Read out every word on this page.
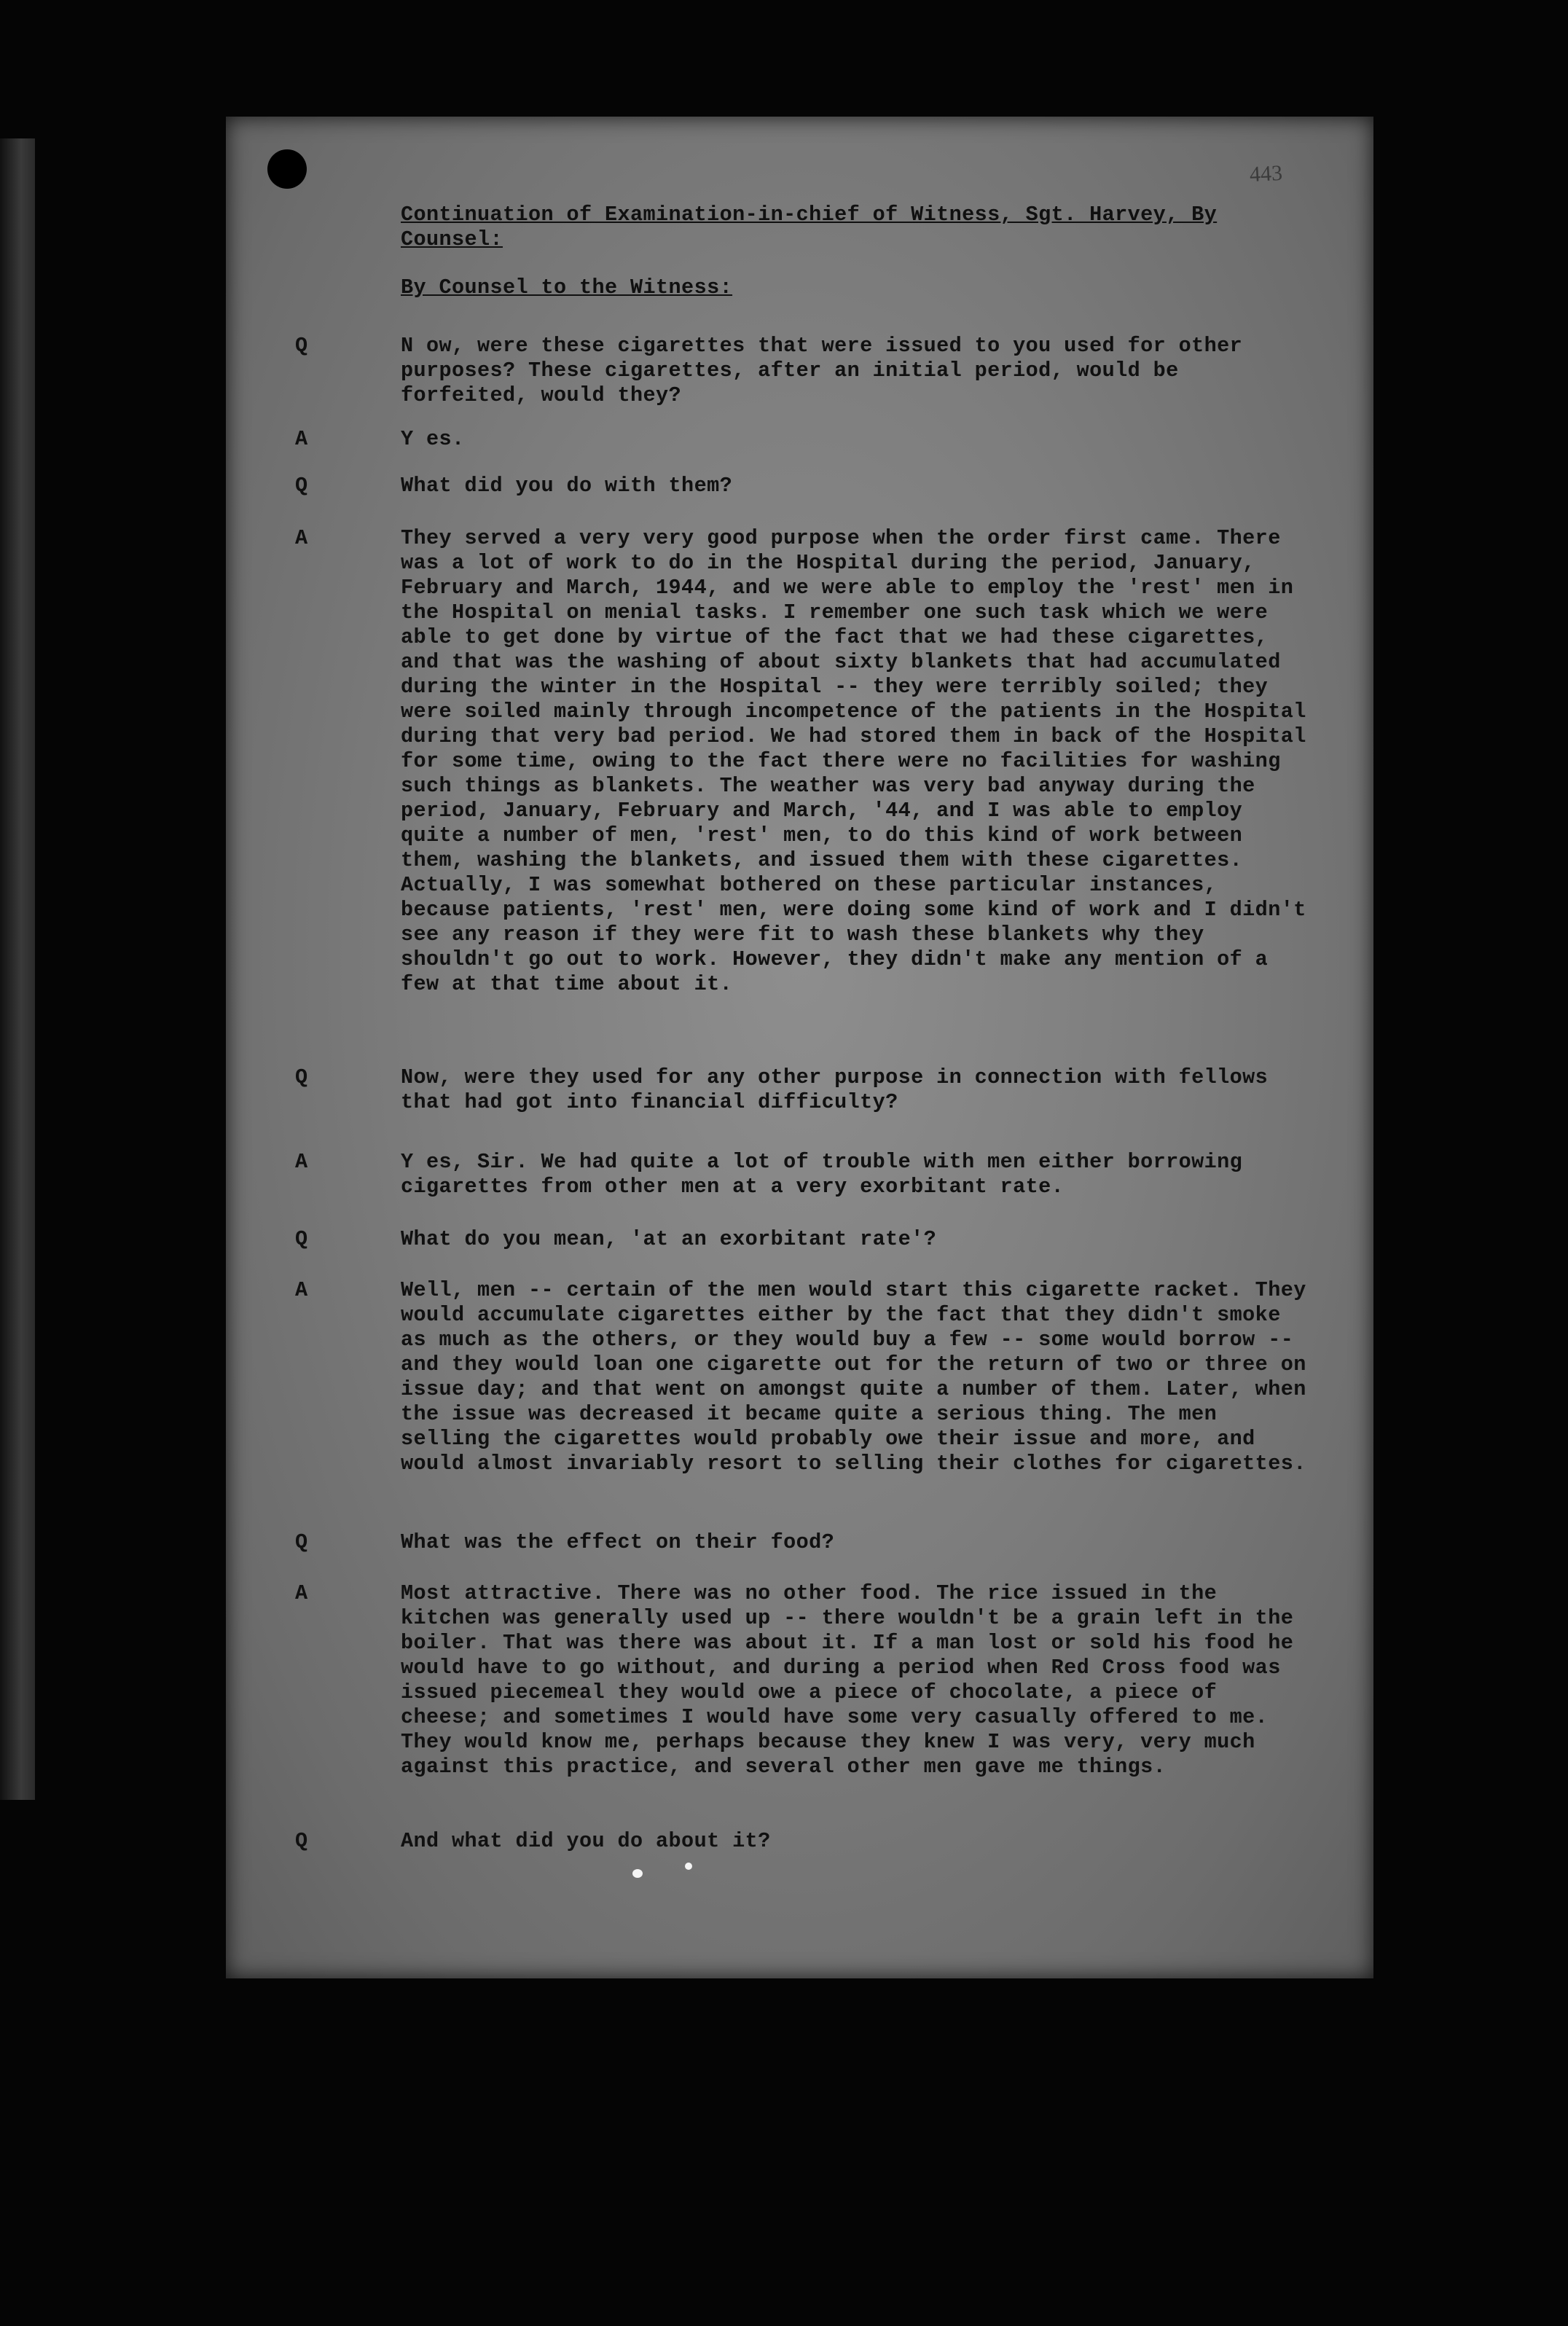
443
Continuation of Examination-in-chief of Witness, Sgt. Harvey, By Counsel:
By Counsel to the Witness:
Q	N ow, were these cigarettes that were issued to you used for other purposes? These cigarettes, after an initial period, would be forfeited, would they?
A	Y es.
Q	What did you do with them?
A	They served a very very good purpose when the order first came. There was a lot of work to do in the Hospital during the period, January, February and March, 1944, and we were able to employ the 'rest' men in the Hospital on menial tasks. I remember one such task which we were able to get done by virtue of the fact that we had these cigarettes, and that was the washing of about sixty blankets that had accumulated during the winter in the Hospital -- they were terribly soiled; they were soiled mainly through incompetence of the patients in the Hospital during that very bad period. We had stored them in back of the Hospital for some time, owing to the fact there were no facilities for washing such things as blankets. The weather was very bad anyway during the period, January, February and March, '44, and I was able to employ quite a number of men, 'rest' men, to do this kind of work between them, washing the blankets, and issued them with these cigarettes. Actually, I was somewhat bothered on these particular instances, because patients, 'rest' men, were doing some kind of work and I didn't see any reason if they were fit to wash these blankets why they shouldn't go out to work. However, they didn't make any mention of a few at that time about it.
Q	Now, were they used for any other purpose in connection with fellows that had got into financial difficulty?
A	Y es, Sir. We had quite a lot of trouble with men either borrowing cigarettes from other men at a very exorbitant rate.
Q	What do you mean, 'at an exorbitant rate'?
A	Well, men -- certain of the men would start this cigarette racket. They would accumulate cigarettes either by the fact that they didn't smoke as much as the others, or they would buy a few -- some would borrow -- and they would loan one cigarette out for the return of two or three on issue day; and that went on amongst quite a number of them. Later, when the issue was decreased it became quite a serious thing. The men selling the cigarettes would probably owe their issue and more, and would almost invariably resort to selling their clothes for cigarettes.
Q	What was the effect on their food?
A	Most attractive. There was no other food. The rice issued in the kitchen was generally used up -- there wouldn't be a grain left in the boiler. That was there was about it. If a man lost or sold his food he would have to go without, and during a period when Red Cross food was issued piecemeal they would owe a piece of chocolate, a piece of cheese; and sometimes I would have some very casually offered to me. They would know me, perhaps because they knew I was very, very much against this practice, and several other men gave me things.
Q	And what did you do about it?
